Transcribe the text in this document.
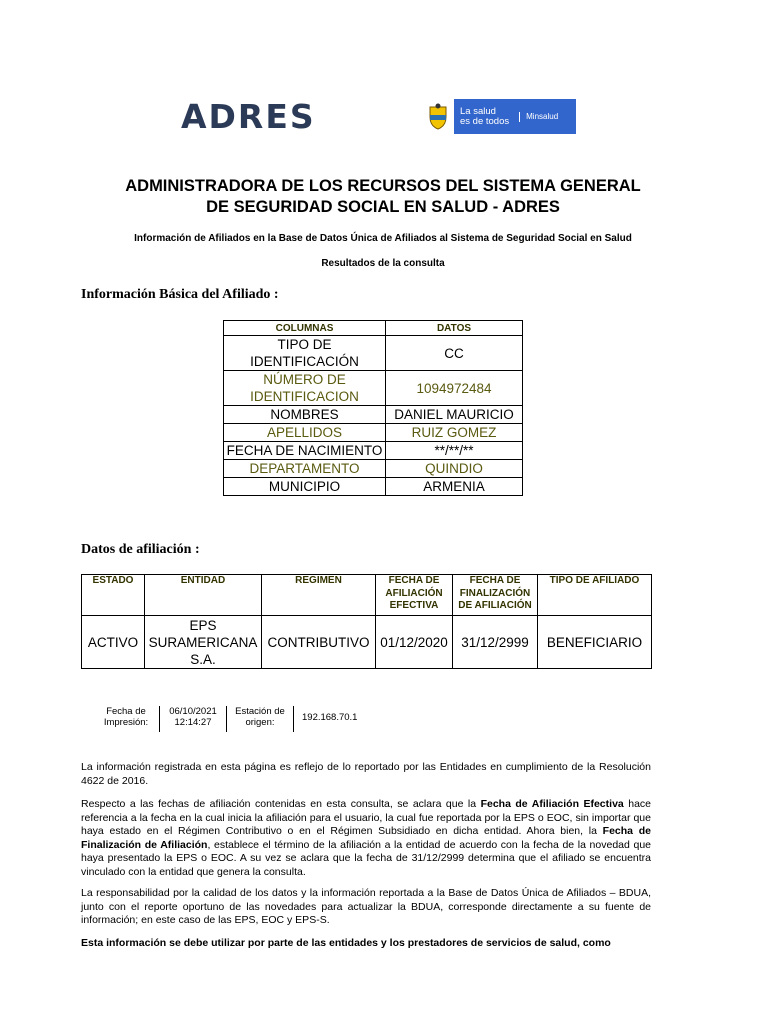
ADRES	La salud
es de todos	Minsalud
ADMINISTRADORA DE LOS RECURSOS DEL SISTEMA GENERAL
DE SEGURIDAD SOCIAL EN SALUD - ADRES
Información de Afiliados en la Base de Datos Única de Afiliados al Sistema de Seguridad Social en Salud
Resultados de la consulta
Información Básica del Afiliado :
COLUMNAS	DATOS
TIPO DE IDENTIFICACIÓN	CC
NÚMERO DE IDENTIFICACION	1094972484
NOMBRES	DANIEL MAURICIO
APELLIDOS	RUIZ GOMEZ
FECHA DE NACIMIENTO	**/**/**
DEPARTAMENTO	QUINDIO
MUNICIPIO	ARMENIA
Datos de afiliación :
ESTADO	ENTIDAD	REGIMEN	FECHA DE AFILIACIÓN EFECTIVA	FECHA DE FINALIZACIÓN DE AFILIACIÓN	TIPO DE AFILIADO
ACTIVO	EPS SURAMERICANA S.A.	CONTRIBUTIVO	01/12/2020	31/12/2999	BENEFICIARIO
Fecha de Impresión:
06/10/2021 12:14:27
Estación de origen:	192.168.70.1
La información registrada en esta página es reflejo de lo reportado por las Entidades en cumplimiento de la Resolución 4622 de 2016.
Respecto a las fechas de afiliación contenidas en esta consulta, se aclara que la Fecha de Afiliación Efectiva hace referencia a la fecha en la cual inicia la afiliación para el usuario, la cual fue reportada por la EPS o EOC, sin importar que haya estado en el Régimen Contributivo o en el Régimen Subsidiado en dicha entidad. Ahora bien, la Fecha de Finalización de Afiliación, establece el término de la afiliación a la entidad de acuerdo con la fecha de la novedad que haya presentado la EPS o EOC. A su vez se aclara que la fecha de 31/12/2999 determina que el afiliado se encuentra vinculado con la entidad que genera la consulta.
La responsabilidad por la calidad de los datos y la información reportada a la Base de Datos Única de Afiliados – BDUA, junto con el reporte oportuno de las novedades para actualizar la BDUA, corresponde directamente a su fuente de información; en este caso de las EPS, EOC y EPS-S.
Esta información se debe utilizar por parte de las entidades y los prestadores de servicios de salud, como
